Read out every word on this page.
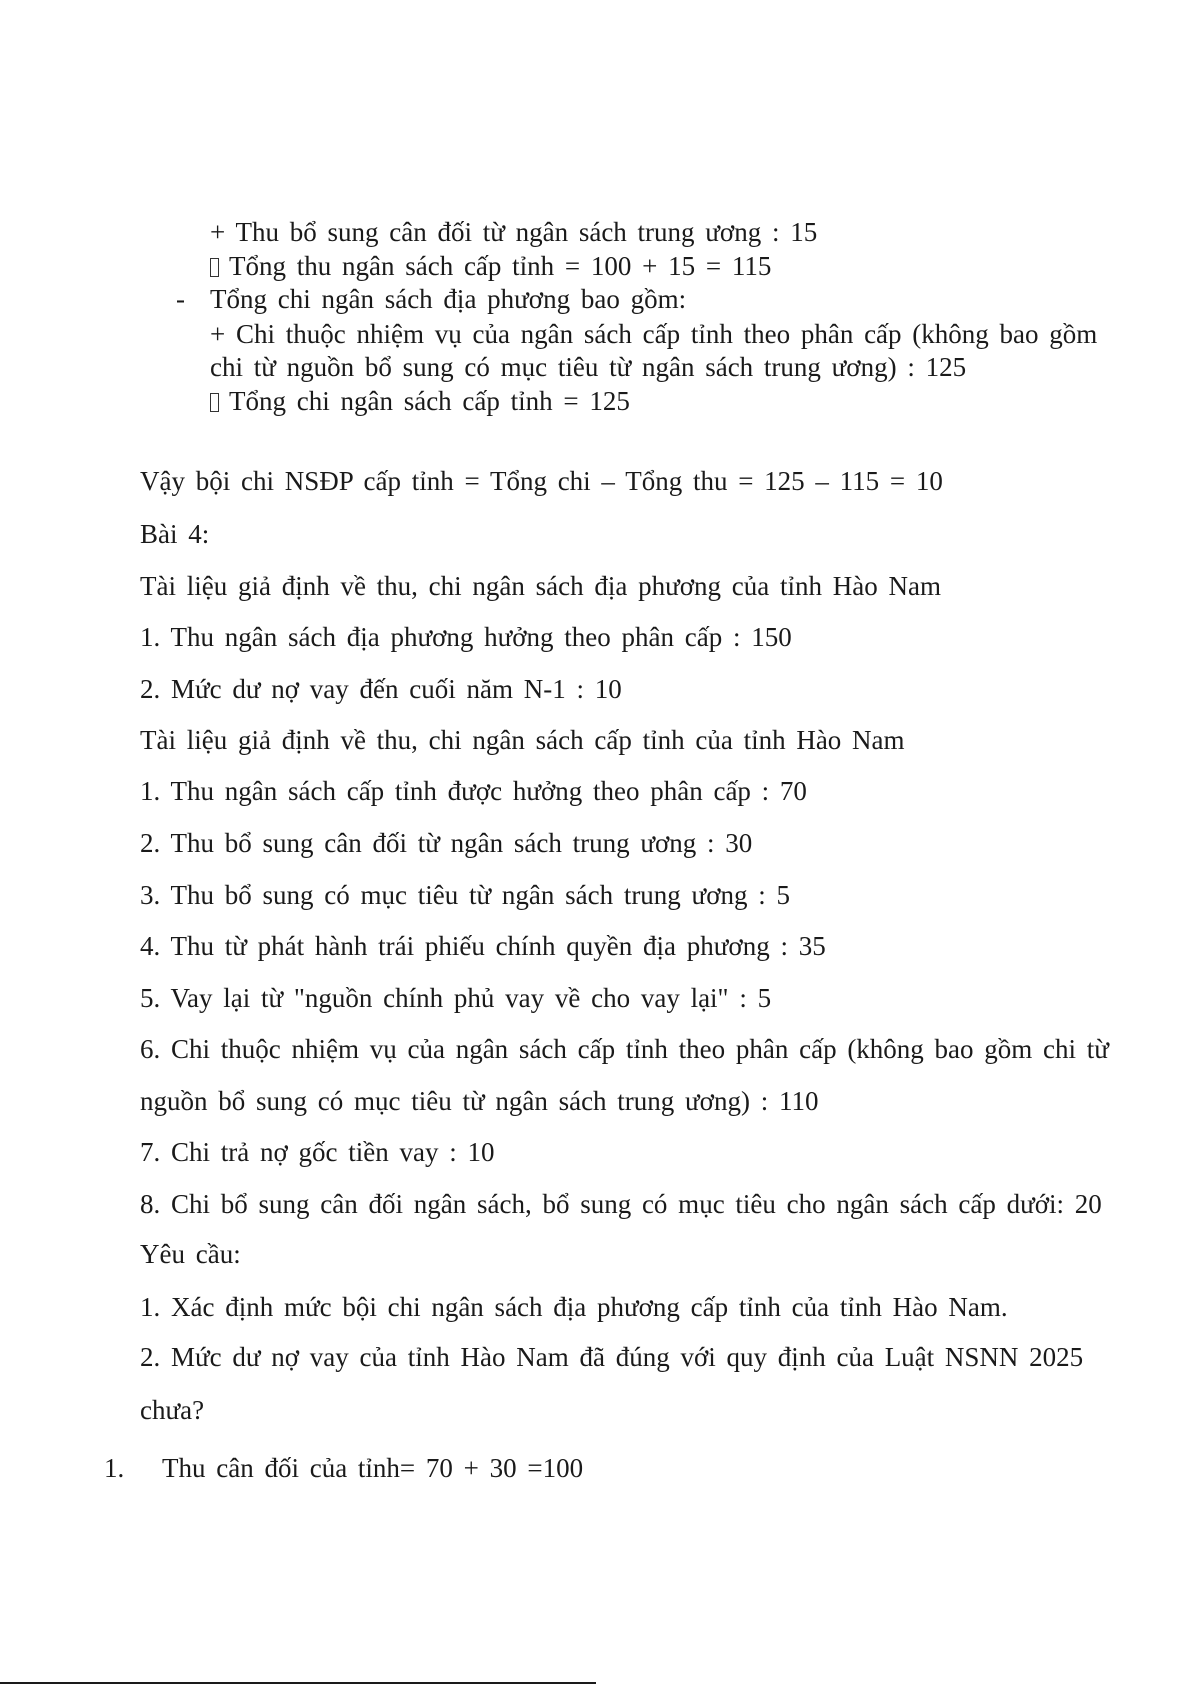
+ Thu bổ sung cân đối từ ngân sách trung ương : 15
Tổng thu ngân sách cấp tỉnh = 100 + 15 = 115
- Tổng chi ngân sách địa phương bao gồm:
+ Chi thuộc nhiệm vụ của ngân sách cấp tỉnh theo phân cấp (không bao gồm
chi từ nguồn bổ sung có mục tiêu từ ngân sách trung ương) : 125
Tổng chi ngân sách cấp tỉnh = 125
Vậy bội chi NSĐP cấp tỉnh = Tổng chi – Tổng thu = 125 – 115 = 10
Bài 4:
Tài liệu giả định về thu, chi ngân sách địa phương của tỉnh Hào Nam
1. Thu ngân sách địa phương hưởng theo phân cấp : 150
2. Mức dư nợ vay đến cuối năm N-1 : 10
Tài liệu giả định về thu, chi ngân sách cấp tỉnh của tỉnh Hào Nam
1. Thu ngân sách cấp tỉnh được hưởng theo phân cấp : 70
2. Thu bổ sung cân đối từ ngân sách trung ương : 30
3. Thu bổ sung có mục tiêu từ ngân sách trung ương : 5
4. Thu từ phát hành trái phiếu chính quyền địa phương : 35
5. Vay lại từ "nguồn chính phủ vay về cho vay lại" : 5
6. Chi thuộc nhiệm vụ của ngân sách cấp tỉnh theo phân cấp (không bao gồm chi từ
nguồn bổ sung có mục tiêu từ ngân sách trung ương) : 110
7. Chi trả nợ gốc tiền vay : 10
8. Chi bổ sung cân đối ngân sách, bổ sung có mục tiêu cho ngân sách cấp dưới: 20
Yêu cầu:
1. Xác định mức bội chi ngân sách địa phương cấp tỉnh của tỉnh Hào Nam.
2. Mức dư nợ vay của tỉnh Hào Nam đã đúng với quy định của Luật NSNN 2025
chưa?
1. Thu cân đối của tỉnh= 70 + 30 =100
